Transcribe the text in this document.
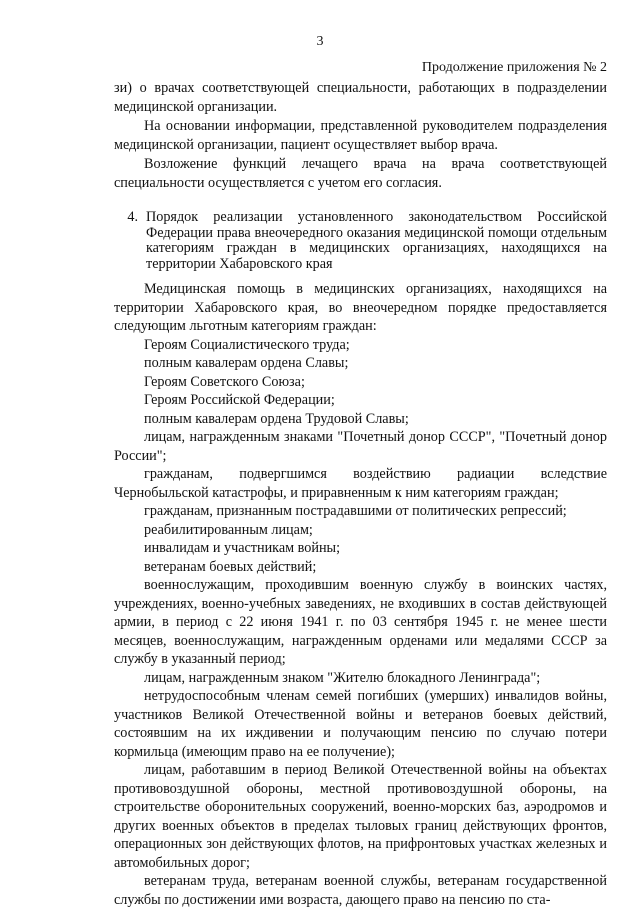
3
Продолжение приложения № 2

зи) о врачах соответствующей специальности, работающих в подразделении медицинской организации.

На основании информации, представленной руководителем подразделения медицинской организации, пациент осуществляет выбор врача.

Возложение функций лечащего врача на врача соответствующей специальности осуществляется с учетом его согласия.

4. Порядок реализации установленного законодательством Российской Федерации права внеочередного оказания медицинской помощи отдельным категориям граждан в медицинских организациях, находящихся на территории Хабаровского края

Медицинская помощь в медицинских организациях, находящихся на территории Хабаровского края, во внеочередном порядке предоставляется следующим льготным категориям граждан:

Героям Социалистического труда;

полным кавалерам ордена Славы;

Героям Советского Союза;

Героям Российской Федерации;

полным кавалерам ордена Трудовой Славы;

лицам, награжденным знаками "Почетный донор СССР", "Почетный донор России";

гражданам, подвергшимся воздействию радиации вследствие Чернобыльской катастрофы, и приравненным к ним категориям граждан;

гражданам, признанным пострадавшими от политических репрессий;

реабилитированным лицам;

инвалидам и участникам войны;

ветеранам боевых действий;

военнослужащим, проходившим военную службу в воинских частях, учреждениях, военно-учебных заведениях, не входивших в состав действующей армии, в период с 22 июня 1941 г. по 03 сентября 1945 г. не менее шести месяцев, военнослужащим, награжденным орденами или медалями СССР за службу в указанный период;

лицам, награжденным знаком "Жителю блокадного Ленинграда";

нетрудоспособным членам семей погибших (умерших) инвалидов войны, участников Великой Отечественной войны и ветеранов боевых действий, состоявшим на их иждивении и получающим пенсию по случаю потери кормильца (имеющим право на ее получение);

лицам, работавшим в период Великой Отечественной войны на объектах противовоздушной обороны, местной противовоздушной обороны, на строительстве оборонительных сооружений, военно-морских баз, аэродромов и других военных объектов в пределах тыловых границ действующих фронтов, операционных зон действующих флотов, на прифронтовых участках железных и автомобильных дорог;

ветеранам труда, ветеранам военной службы, ветеранам государственной службы по достижении ими возраста, дающего право на пенсию по ста-
